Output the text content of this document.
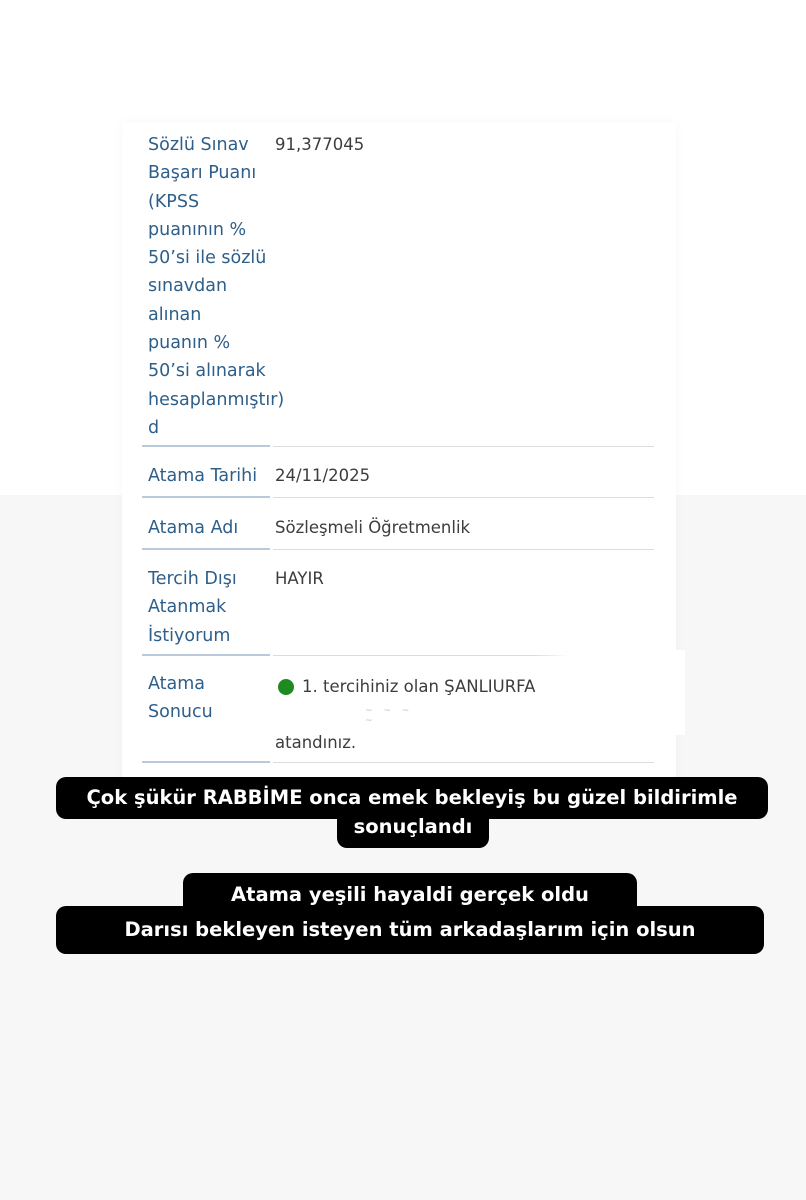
Sözlü Sınav
Başarı Puanı
(KPSS
puanının %
50’si ile sözlü
sınavdan
alınan
puanın %
50’si alınarak
hesaplanmıştır)
d
91,377045
Atama Tarihi	24/11/2025
Atama Adı	Sözleşmeli Öğretmenlik
Tercih Dışı
Atanmak
İstiyorum
HAYIR
Atama
Sonucu
1. tercihiniz olan ŞANLIURFA
~ ~ ~ ~
atandınız.
Çok şükür RABBİME onca emek bekleyiş bu güzel bildirimle
sonuçlandı
Atama yeşili hayaldi gerçek oldu
Darısı bekleyen isteyen tüm arkadaşlarım için olsun
